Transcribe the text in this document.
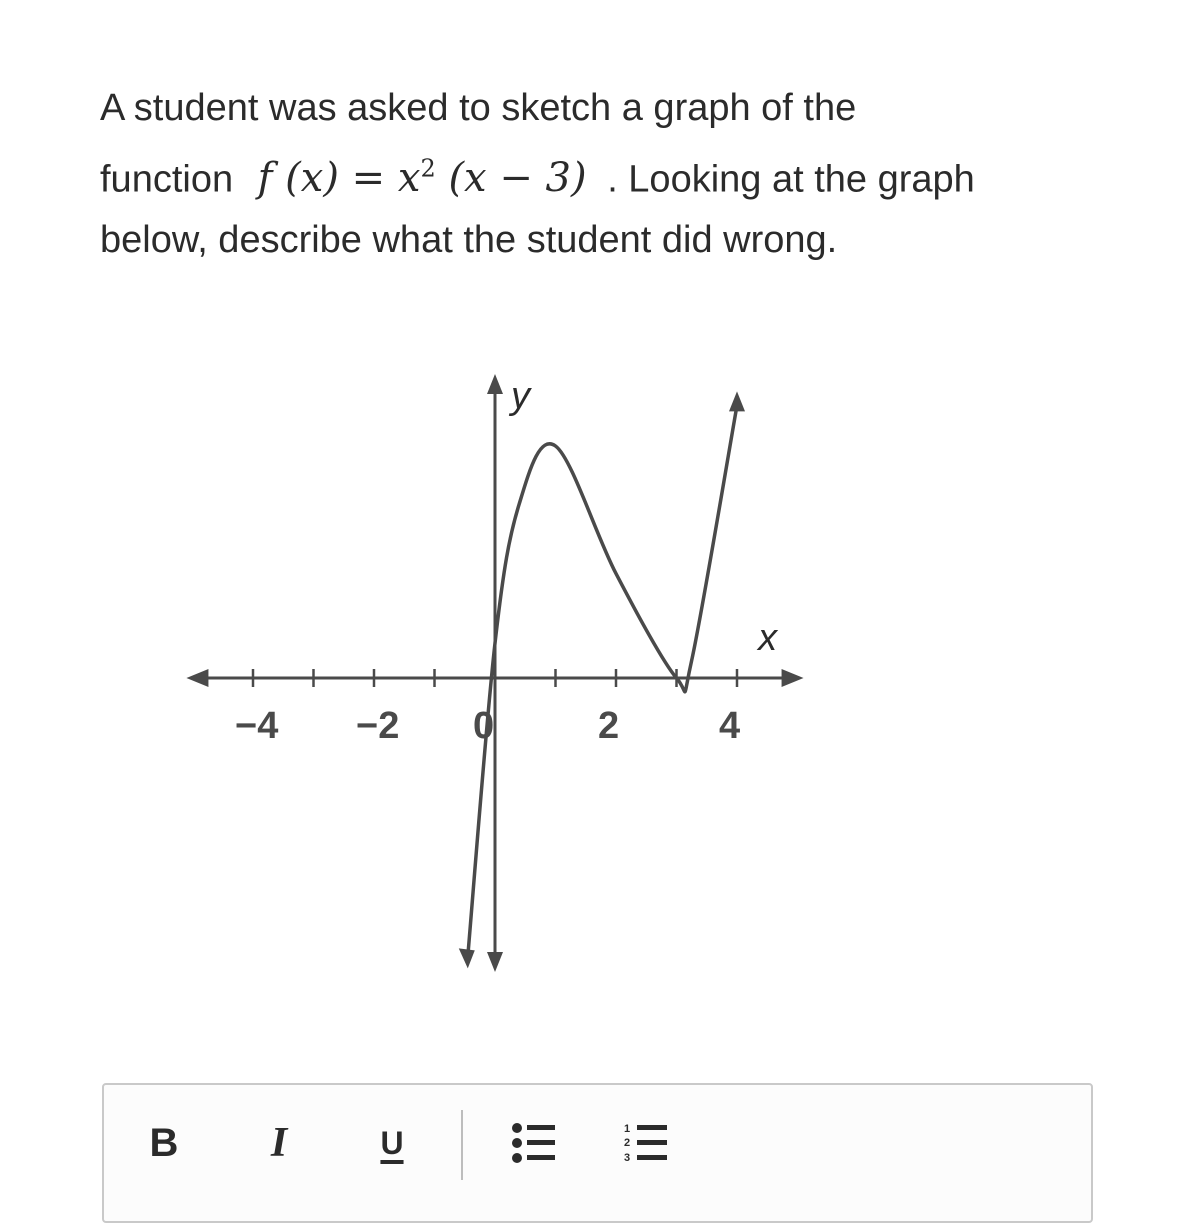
A student was asked to sketch a graph of the
function f $(x) = x^2$ (x − 3) . Looking at the graph
below, describe what the student did wrong.

−4 −2 0	2	4
x
y
B	I	U	1
2
3
